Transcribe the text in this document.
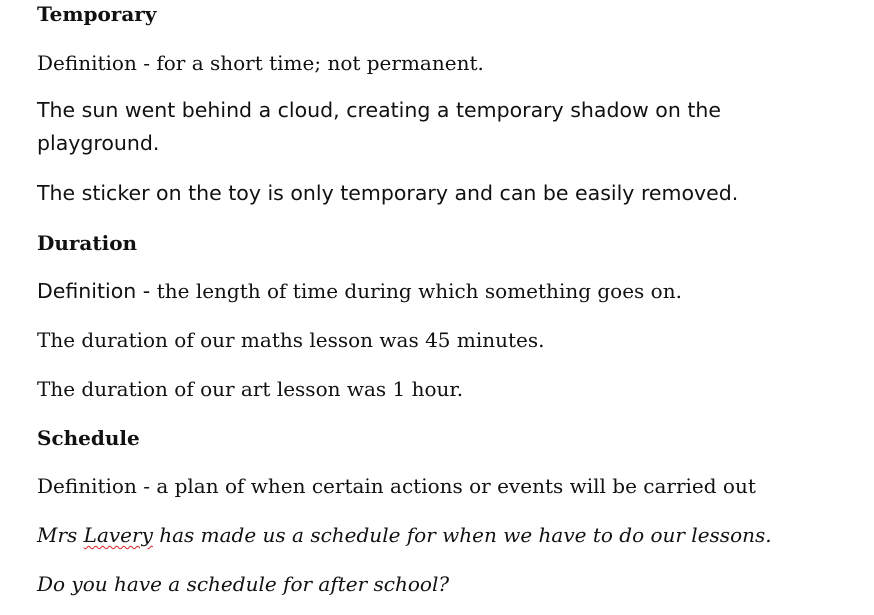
Temporary

Definition - for a short time; not permanent.

The sun went behind a cloud, creating a temporary shadow on the

playground.

The sticker on the toy is only temporary and can be easily removed.

Duration

Definition - the length of time during which something goes on.

The duration of our maths lesson was 45 minutes.

The duration of our art lesson was 1 hour.

Schedule

Definition - a plan of when certain actions or events will be carried out

Mrs Lavery has made us a schedule for when we have to do our lessons.

Do you have a schedule for after school?
